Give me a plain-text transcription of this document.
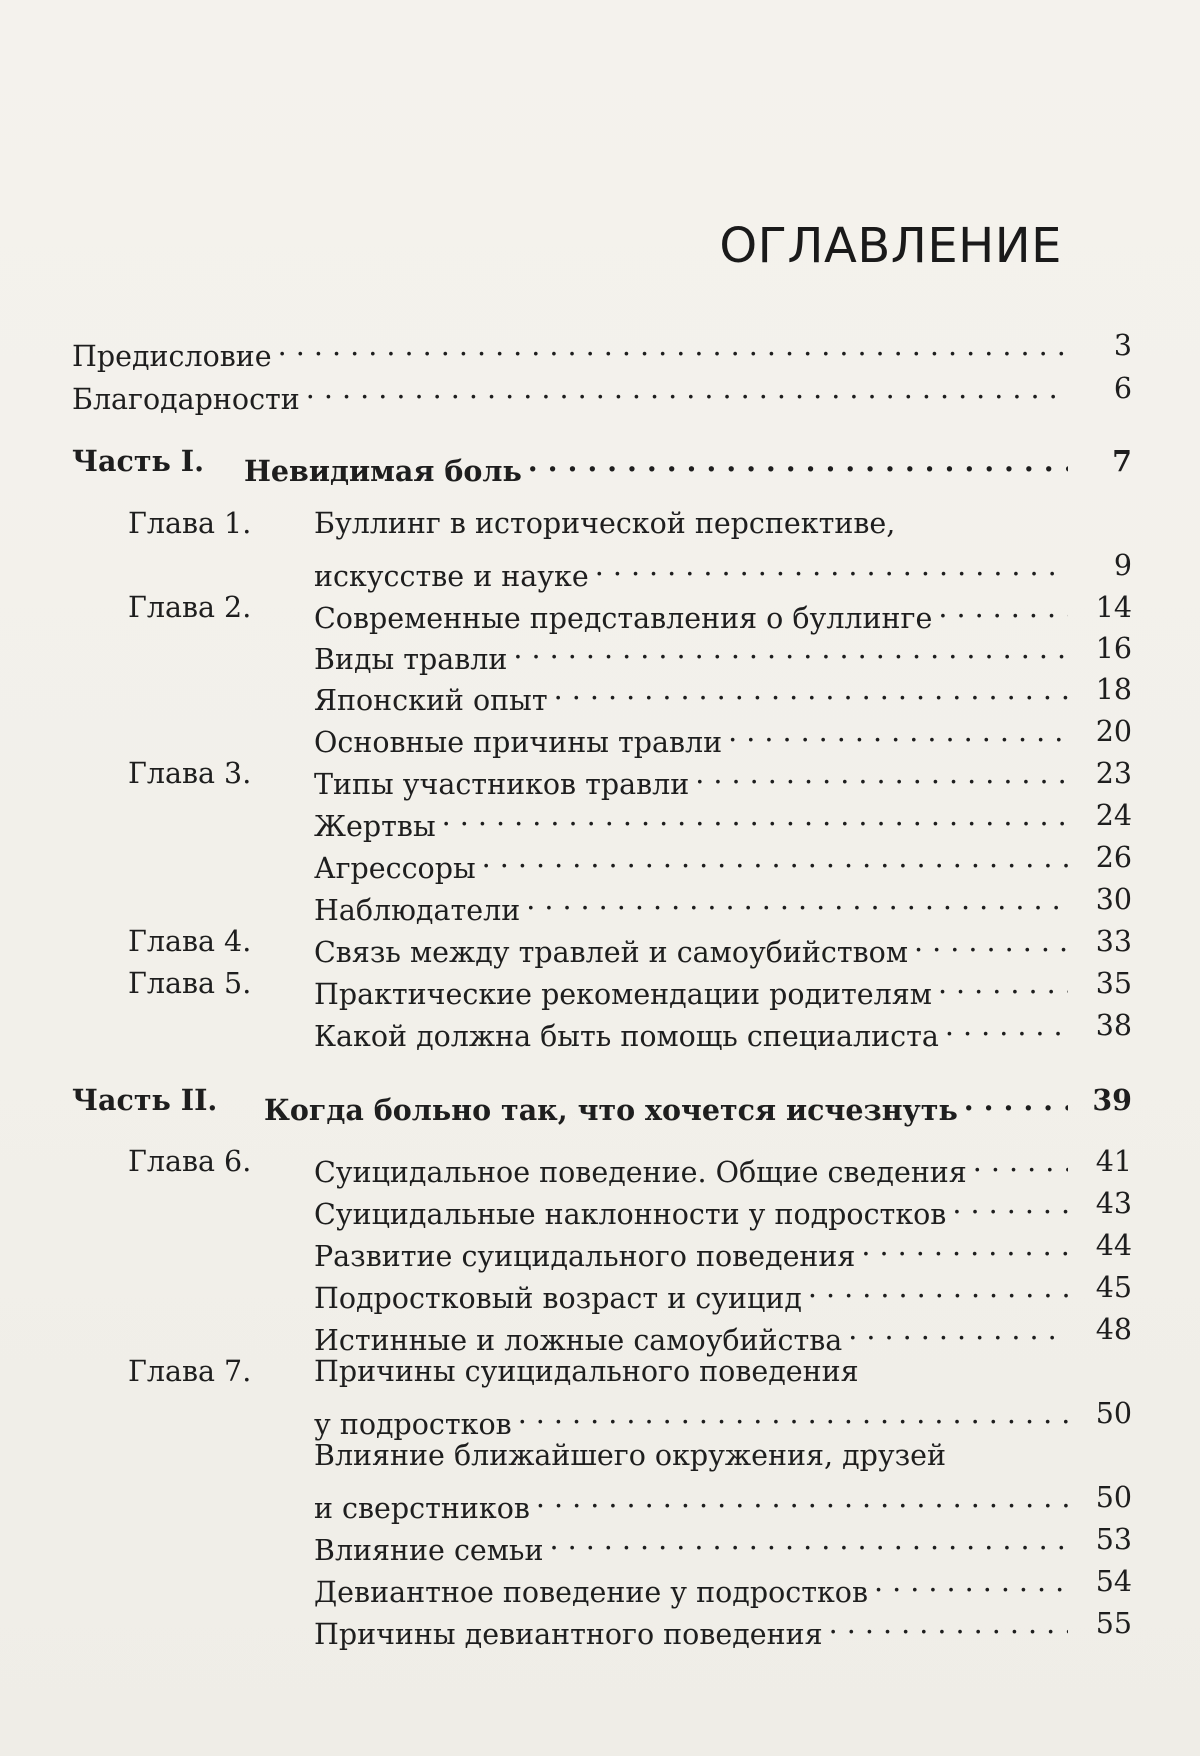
ОГЛАВЛЕНИЕ
Предисловие . . .	3
Благодарности . . .	6
Часть I. Невидимая боль . . .	7
Глава 1. Буллинг в исторической перспективе,
искусстве и науке . . .	9
Глава 2. Современные представления о буллинге . . .	14
Виды травли . . .	16
Японский опыт . . .	18
Основные причины травли . . .	20
Глава 3. Типы участников травли . . .	23
Жертвы . . .	24
Агрессоры . . .	26
Наблюдатели . . .	30
Глава 4. Связь между травлей и самоубийством . . .	33
Глава 5. Практические рекомендации родителям . . .	35
Какой должна быть помощь специалиста . . .	38
Часть II. Когда больно так, что хочется исчезнуть . . .	39
Глава 6. Суицидальное поведение. Общие сведения . . .	41
Суицидальные наклонности у подростков . . .	43
Развитие суицидального поведения . . .	44
Подростковый возраст и суицид . . .	45
Истинные и ложные самоубийства . . .	48
Глава 7. Причины суицидального поведения
у подростков . . .	50
Влияние ближайшего окружения, друзей
и сверстников . . .	50
Влияние семьи . . .	53
Девиантное поведение у подростков . . .	54
Причины девиантного поведения . . .	55
